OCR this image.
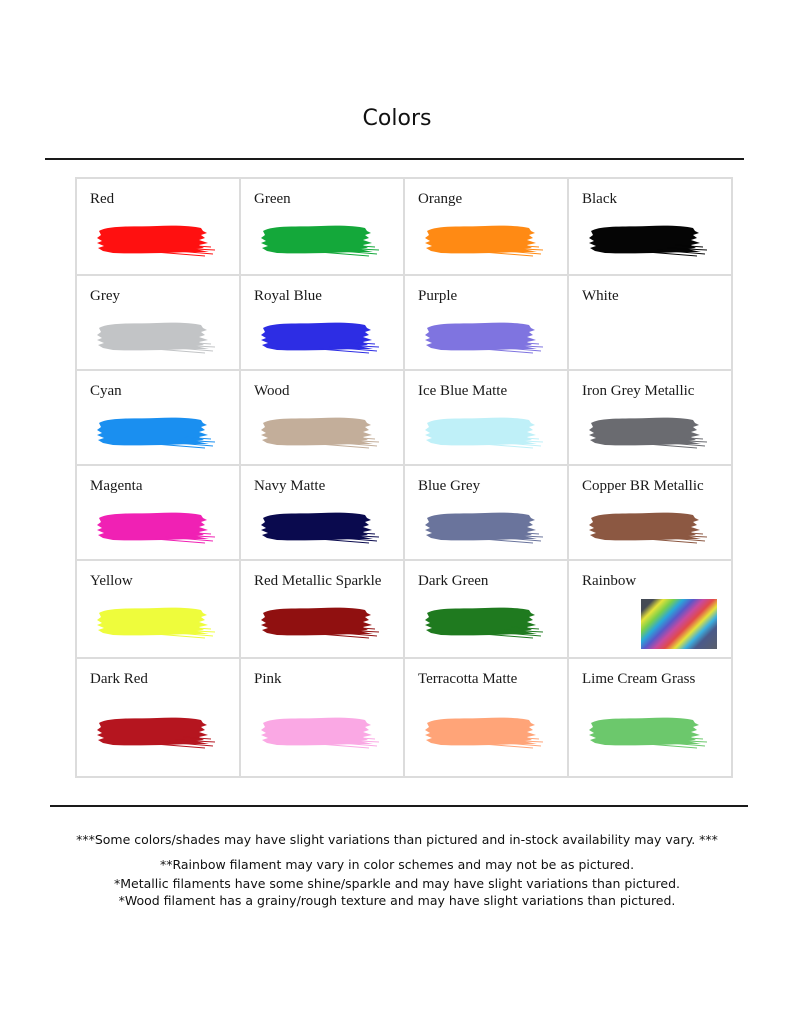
Colors
Red	Green	Orange	Black

Grey	Royal Blue	Purple	White

Cyan	Wood	Ice Blue Matte	Iron Grey Metallic

Magenta	Navy Matte	Blue Grey	Copper BR Metallic

Yellow	Red Metallic Sparkle	Dark Green	Rainbow

Dark Red	Pink	Terracotta Matte	Lime Cream Grass

***Some colors/shades may have slight variations than pictured and in-stock availability may vary. ***

**Rainbow filament may vary in color schemes and may not be as pictured.

*Metallic filaments have some shine/sparkle and may have slight variations than pictured.

*Wood filament has a grainy/rough texture and may have slight variations than pictured.
